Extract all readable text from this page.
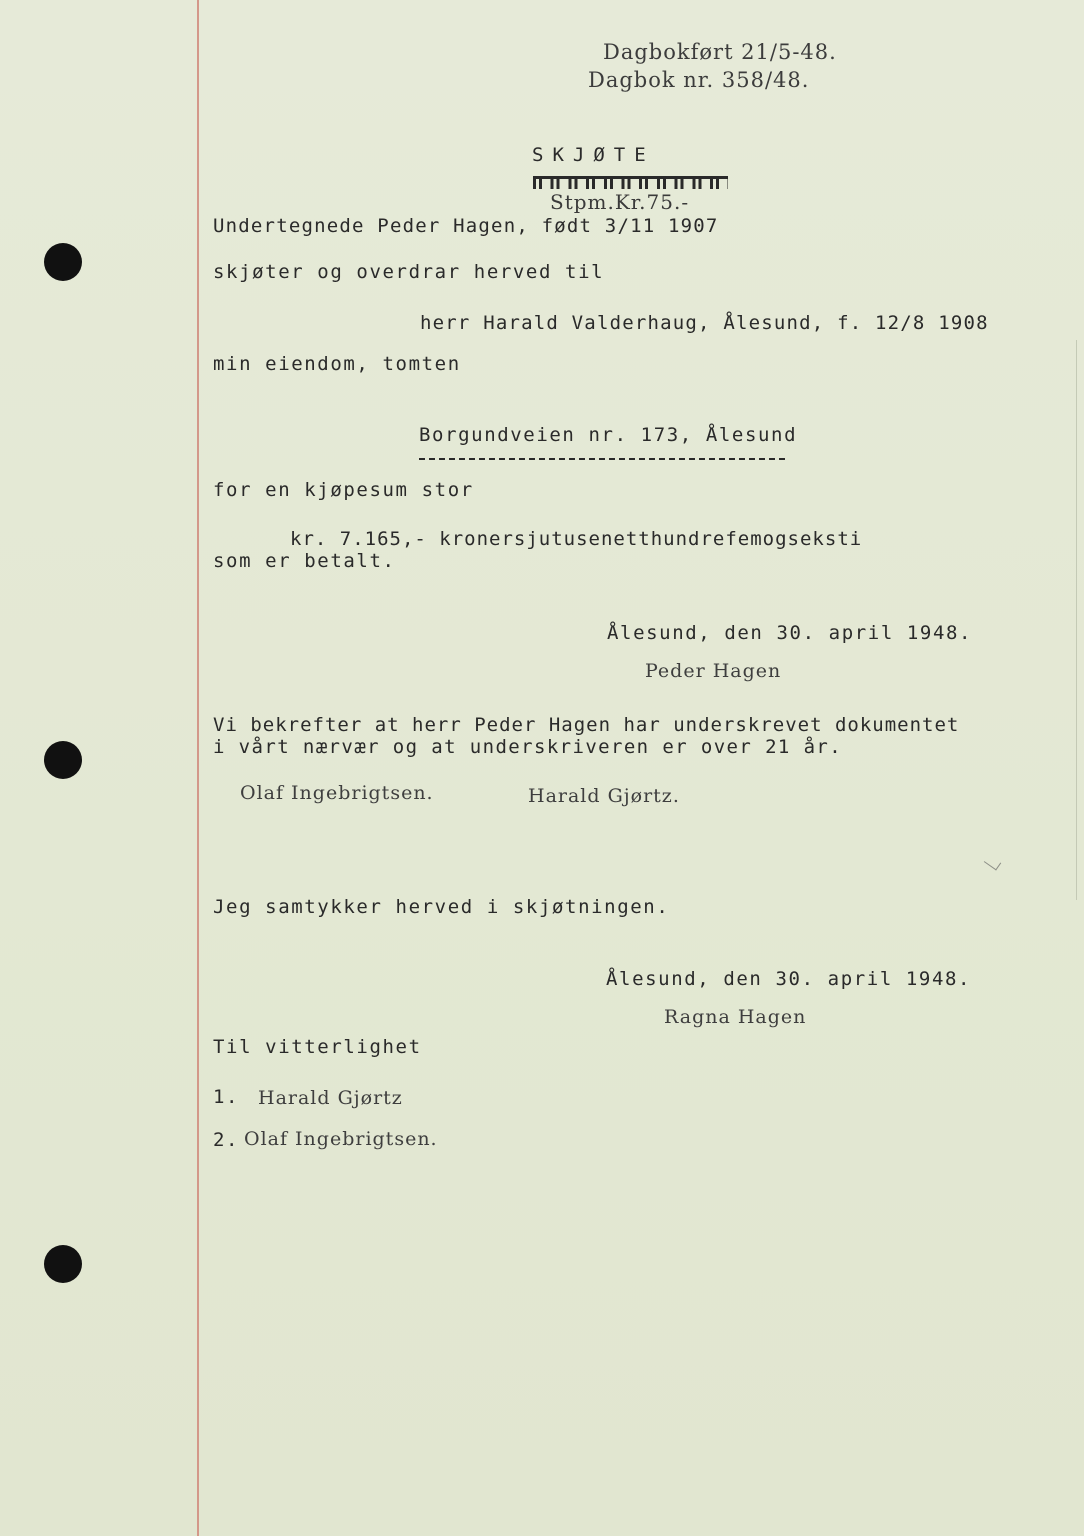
Dagbokført 21/5-48.
Dagbok nr. 358/48.
SKJØTE
Stpm.Kr.75.-
Undertegnede Peder Hagen, født 3/11 1907
skjøter og overdrar herved til
herr Harald Valderhaug, Ålesund, f. 12/8 1908
min eiendom, tomten
Borgundveien nr. 173, Ålesund
for en kjøpesum stor
kr. 7.165,- kronersjutusenetthundrefemogseksti
som er betalt.
Ålesund, den 30. april 1948.
Peder Hagen
Vi bekrefter at herr Peder Hagen har underskrevet dokumentet
i vårt nærvær og at underskriveren er over 21 år.
Olaf Ingebrigtsen.	Harald Gjørtz.
Jeg samtykker herved i skjøtningen.
Ålesund, den 30. april 1948.
Ragna Hagen
Til vitterlighet
1. Harald Gjørtz
2. Olaf Ingebrigtsen.
